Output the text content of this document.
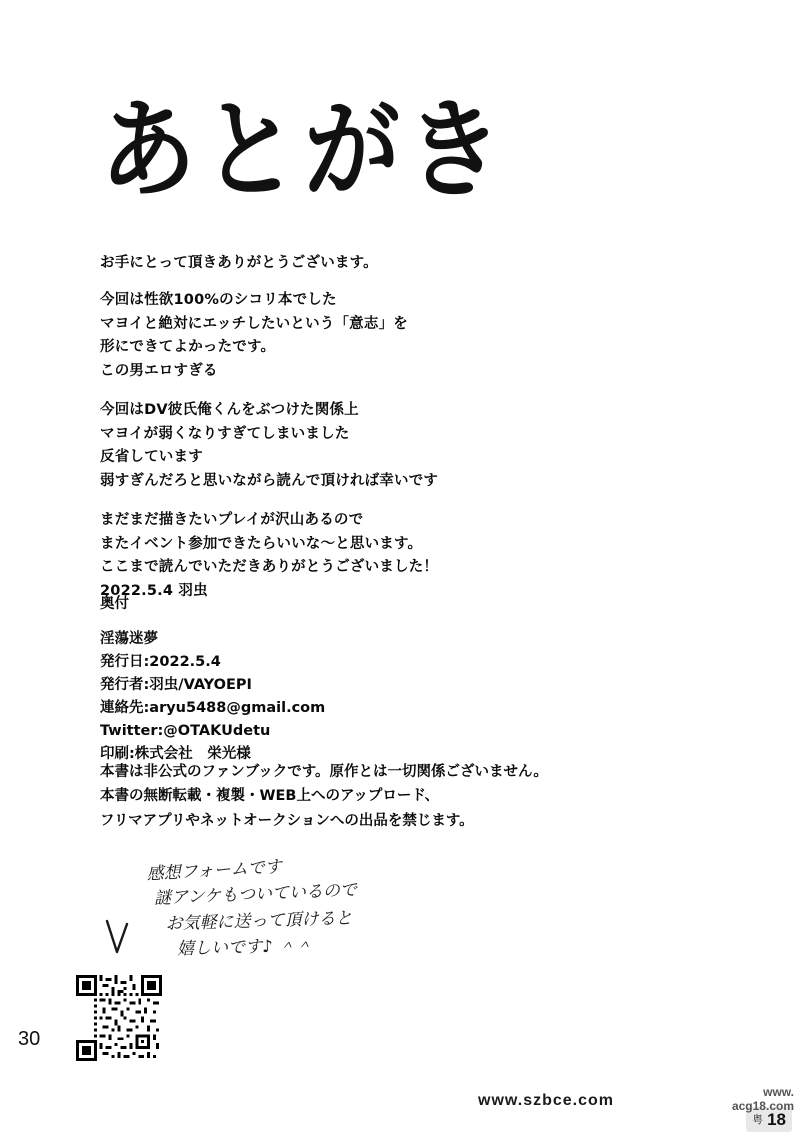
あとがき

お手にとって頂きありがとうございます。

今回は性欲100%のシコリ本でした
マヨイと絶対にエッチしたいという「意志」を
形にできてよかったです。
この男エロすぎる

今回はDV彼氏俺くんをぶつけた関係上
マヨイが弱くなりすぎてしまいました
反省しています
弱すぎんだろと思いながら読んで頂ければ幸いです

まだまだ描きたいプレイが沢山あるので
またイベント参加できたらいいな〜と思います。
ここまで読んでいただきありがとうございました！
2022.5.4 羽虫

奥付
淫蕩迷夢
発行日:2022.5.4
発行者:羽虫/VAYOEPI
連絡先:aryu5488@gmail.com
Twitter:@OTAKUdetu
印刷:株式会社　栄光様
本書は非公式のファンブックです。原作とは一切関係ございません。
本書の無断転載・複製・WEB上へのアップロード、
フリマアプリやネットオークションへの出品を禁じます。
感想フォームです
謎アンケもついているので
お気軽に送って頂けると
嬉しいです♪ ＾＾
30
www.szbce.com
粤 18
www.
acg18.com
